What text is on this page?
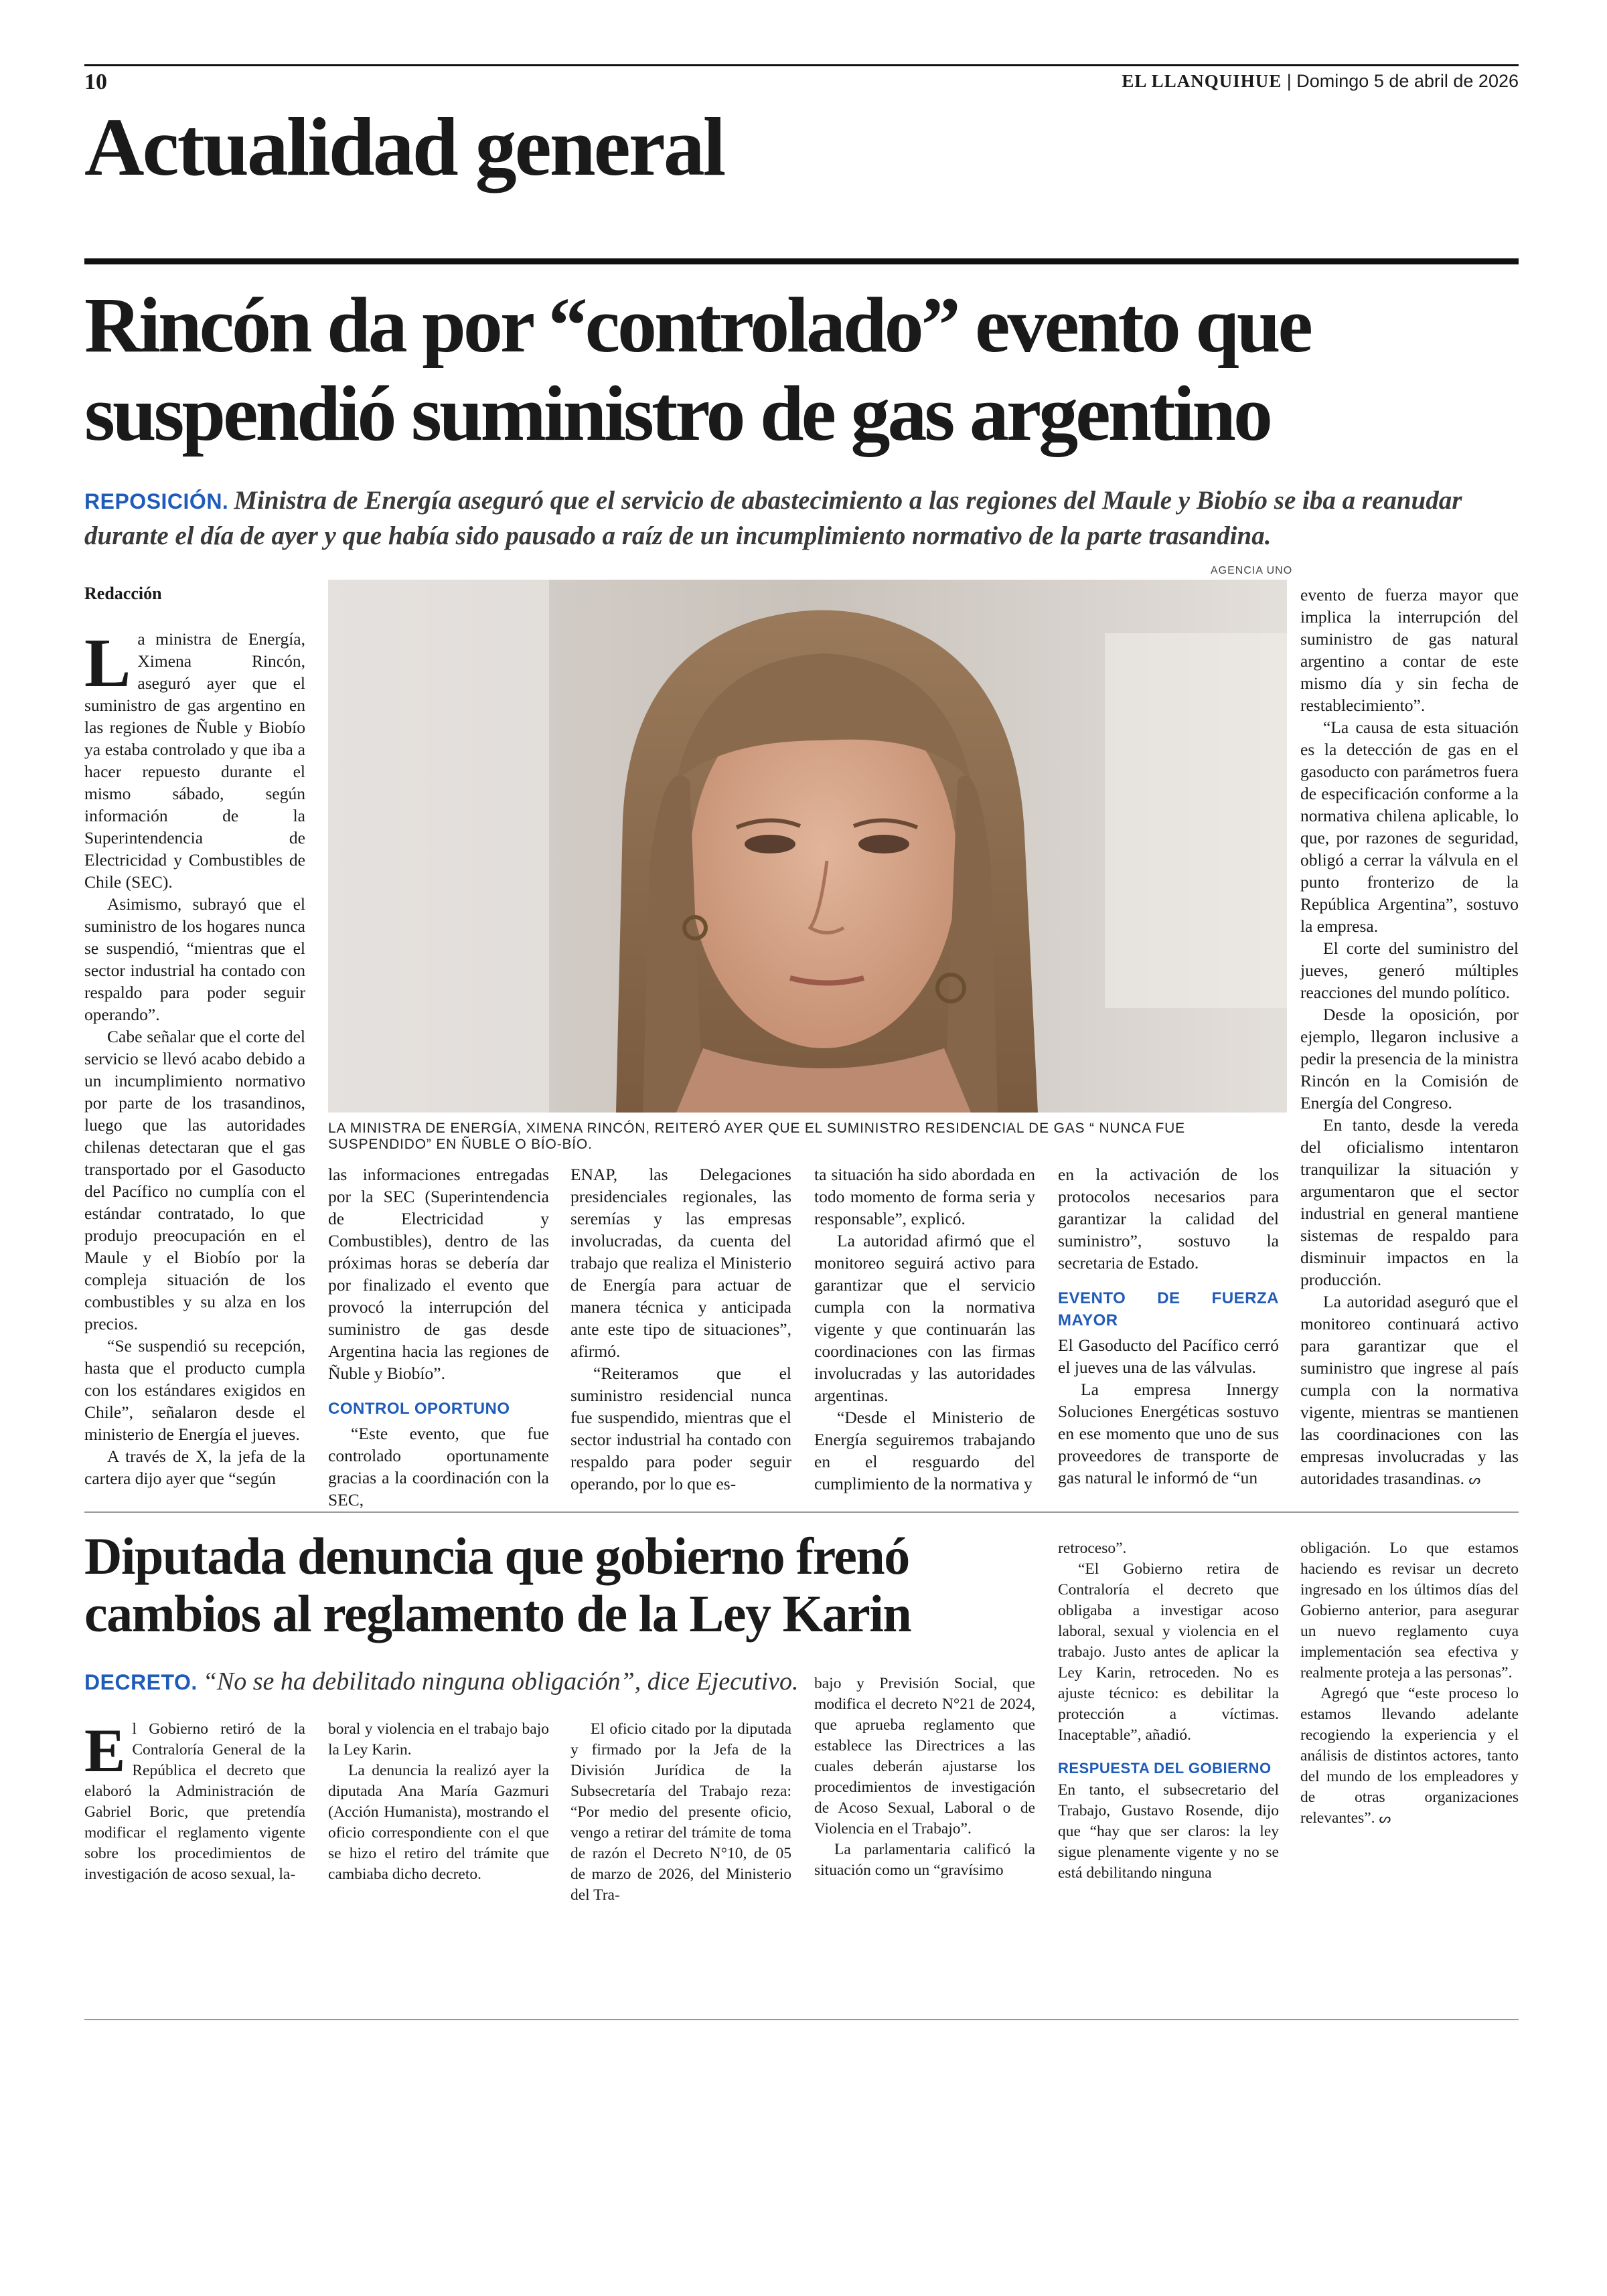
10	EL LLANQUIHUE | Domingo 5 de abril de 2026
Actualidad general
Rincón da por “controlado” evento que suspendió suministro de gas argentino
REPOSICIÓN. Ministra de Energía aseguró que el servicio de abastecimiento a las regiones del Maule y Biobío se iba a reanudar durante el día de ayer y que había sido pausado a raíz de un incumplimiento normativo de la parte trasandina.
Redacción
AGENCIA UNO
LA MINISTRA DE ENERGÍA, XIMENA RINCÓN, REITERÓ AYER QUE EL SUMINISTRO RESIDENCIAL DE GAS “ NUNCA FUE SUSPENDIDO” EN ÑUBLE O BÍO-BÍO.

La ministra de Energía, Ximena Rincón, aseguró ayer que el suministro de gas argentino en las regiones de Ñuble y Biobío ya estaba controlado y que iba a hacer repuesto durante el mismo sábado, según información de la Superintendencia de Electricidad y Combustibles de Chile (SEC).

Asimismo, subrayó que el suministro de los hogares nunca se suspendió, “mientras que el sector industrial ha contado con respaldo para poder seguir operando”.

Cabe señalar que el corte del servicio se llevó acabo debido a un incumplimiento normativo por parte de los trasandinos, luego que las autoridades chilenas detectaran que el gas transportado por el Gasoducto del Pacífico no cumplía con el estándar contratado, lo que produjo preocupación en el Maule y el Biobío por la compleja situación de los combustibles y su alza en los precios.

“Se suspendió su recepción, hasta que el producto cumpla con los estándares exigidos en Chile”, señalaron desde el ministerio de Energía el jueves.

A través de X, la jefa de la cartera dijo ayer que “según

las informaciones entregadas por la SEC (Superintendencia de Electricidad y Combustibles), dentro de las próximas horas se debería dar por finalizado el evento que provocó la interrupción del suministro de gas desde Argentina hacia las regiones de Ñuble y Biobío”.

CONTROL OPORTUNO

“Este evento, que fue controlado oportunamente gracias a la coordinación con la SEC,

ENAP, las Delegaciones presidenciales regionales, las seremías y las empresas involucradas, da cuenta del trabajo que realiza el Ministerio de Energía para actuar de manera técnica y anticipada ante este tipo de situaciones”, afirmó.

“Reiteramos que el suministro residencial nunca fue suspendido, mientras que el sector industrial ha contado con respaldo para poder seguir operando, por lo que es-

ta situación ha sido abordada en todo momento de forma seria y responsable”, explicó.

La autoridad afirmó que el monitoreo seguirá activo para garantizar que el servicio cumpla con la normativa vigente y que continuarán las coordinaciones con las firmas involucradas y las autoridades argentinas.

“Desde el Ministerio de Energía seguiremos trabajando en el resguardo del cumplimiento de la normativa y

en la activación de los protocolos necesarios para garantizar la calidad del suministro”, sostuvo la secretaria de Estado.

EVENTO DE FUERZA MAYOR

El Gasoducto del Pacífico cerró el jueves una de las válvulas.

La empresa Innergy Soluciones Energéticas sostuvo en ese momento que uno de sus proveedores de transporte de gas natural le informó de “un

evento de fuerza mayor que implica la interrupción del suministro de gas natural argentino a contar de este mismo día y sin fecha de restablecimiento”.

“La causa de esta situación es la detección de gas en el gasoducto con parámetros fuera de especificación conforme a la normativa chilena aplicable, lo que, por razones de seguridad, obligó a cerrar la válvula en el punto fronterizo de la República Argentina”, sostuvo la empresa.

El corte del suministro del jueves, generó múltiples reacciones del mundo político.

Desde la oposición, por ejemplo, llegaron inclusive a pedir la presencia de la ministra Rincón en la Comisión de Energía del Congreso.

En tanto, desde la vereda del oficialismo intentaron tranquilizar la situación y argumentaron que el sector industrial en general mantiene sistemas de respaldo para disminuir impactos en la producción.

La autoridad aseguró que el monitoreo continuará activo para garantizar que el suministro que ingrese al país cumpla con la normativa vigente, mientras se mantienen las coordinaciones con las empresas involucradas y las autoridades trasandinas. ᔕ

Diputada denuncia que gobierno frenó cambios al reglamento de la Ley Karin
DECRETO. “No se ha debilitado ninguna obligación”, dice Ejecutivo.

El Gobierno retiró de la Contraloría General de la República el decreto que elaboró la Administración de Gabriel Boric, que pretendía modificar el reglamento vigente sobre los procedimientos de investigación de acoso sexual, la-

boral y violencia en el trabajo bajo la Ley Karin.

La denuncia la realizó ayer la diputada Ana María Gazmuri (Acción Humanista), mostrando el oficio correspondiente con el que se hizo el retiro del trámite que cambiaba dicho decreto.

El oficio citado por la diputada y firmado por la Jefa de la División Jurídica de la Subsecretaría del Trabajo reza: “Por medio del presente oficio, vengo a retirar del trámite de toma de razón el Decreto N°10, de 05 de marzo de 2026, del Ministerio del Tra-

bajo y Previsión Social, que modifica el decreto N°21 de 2024, que aprueba reglamento que establece las Directrices a las cuales deberán ajustarse los procedimientos de investigación de Acoso Sexual, Laboral o de Violencia en el Trabajo”.

La parlamentaria calificó la situación como un “gravísimo

retroceso”.

“El Gobierno retira de Contraloría el decreto que obligaba a investigar acoso laboral, sexual y violencia en el trabajo. Justo antes de aplicar la Ley Karin, retroceden. No es ajuste técnico: es debilitar la protección a víctimas. Inaceptable”, añadió.

RESPUESTA DEL GOBIERNO

En tanto, el subsecretario del Trabajo, Gustavo Rosende, dijo que “hay que ser claros: la ley sigue plenamente vigente y no se está debilitando ninguna

obligación. Lo que estamos haciendo es revisar un decreto ingresado en los últimos días del Gobierno anterior, para asegurar un nuevo reglamento cuya implementación sea efectiva y realmente proteja a las personas”.

Agregó que “este proceso lo estamos llevando adelante recogiendo la experiencia y el análisis de distintos actores, tanto del mundo de los empleadores y de otras organizaciones relevantes”. ᔕ
